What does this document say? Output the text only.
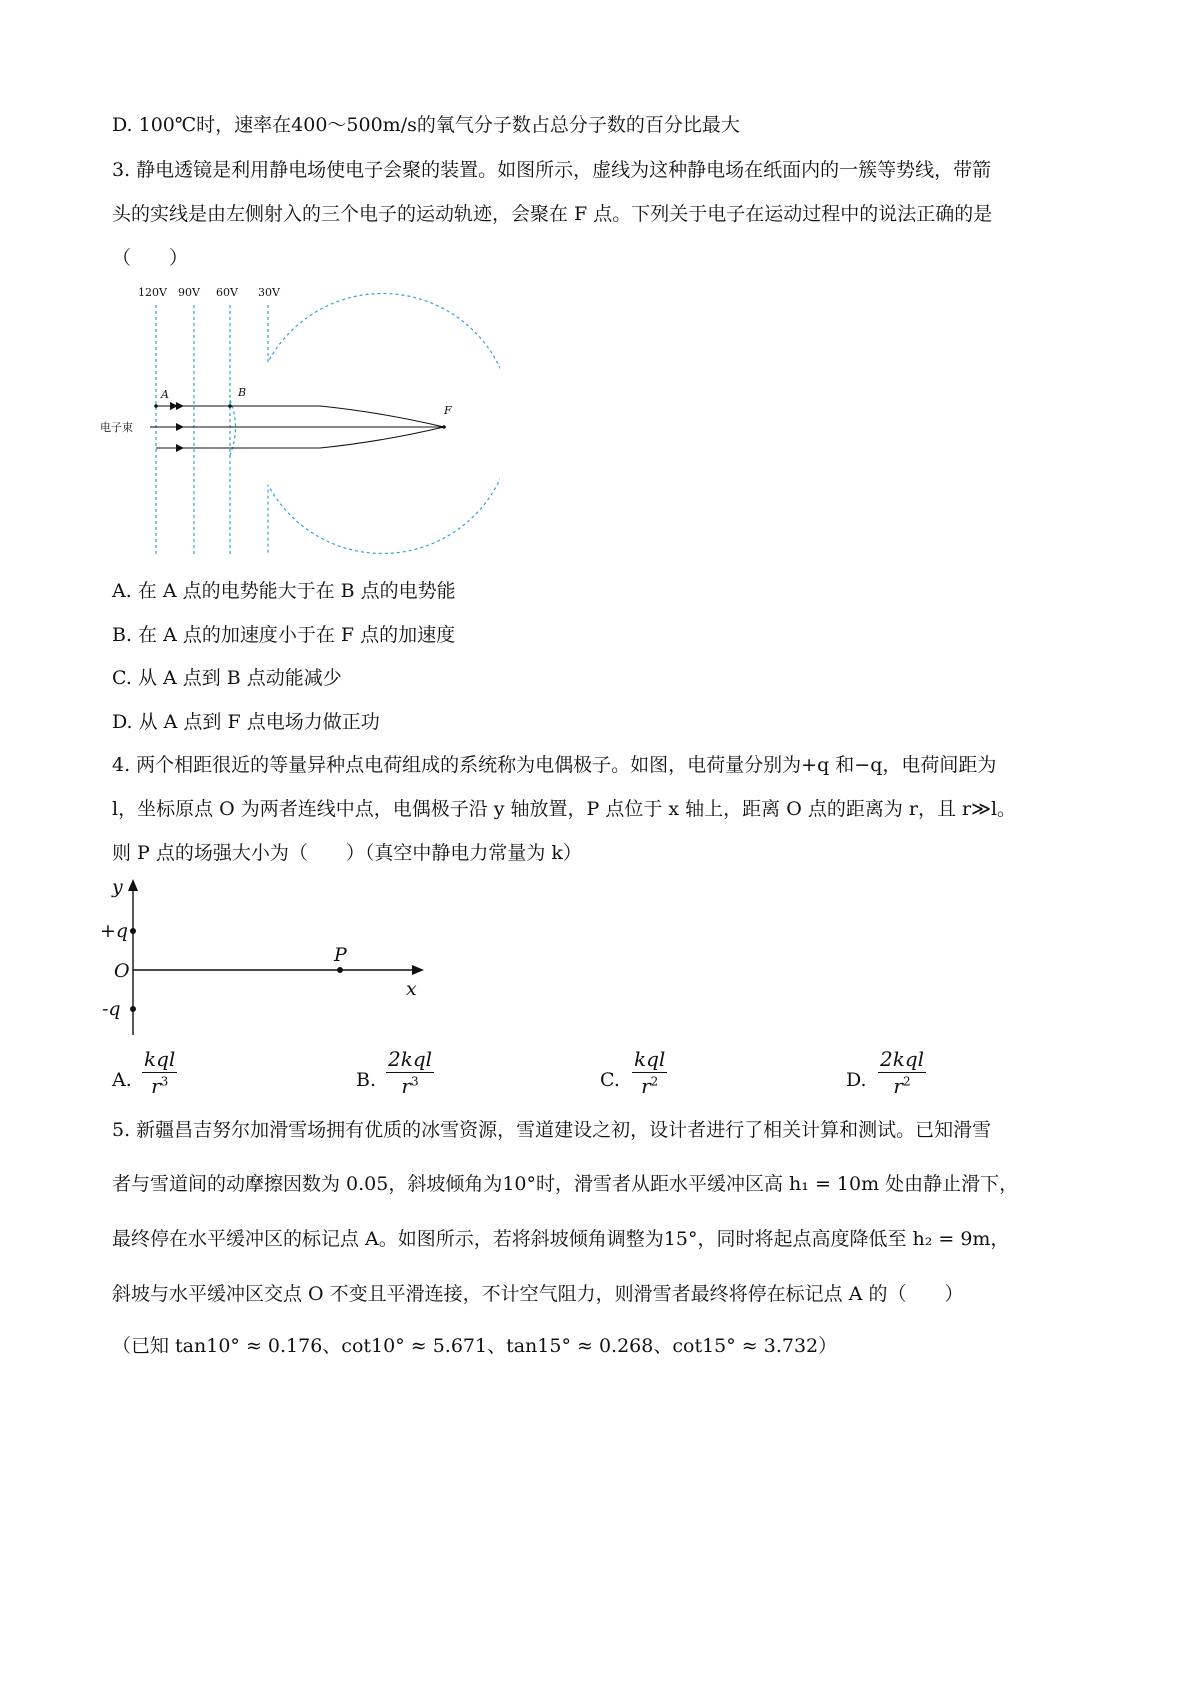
D. 100℃时，速率在400～500m/s的氧气分子数占总分子数的百分比最大
3. 静电透镜是利用静电场使电子会聚的装置。如图所示，虚线为这种静电场在纸面内的一簇等势线，带箭
头的实线是由左侧射入的三个电子的运动轨迹，会聚在 F 点。下列关于电子在运动过程中的说法正确的是
（　　）
120V 90V 60V 30V
A	B
F
电子束
A. 在 A 点的电势能大于在 B 点的电势能
B. 在 A 点的加速度小于在 F 点的加速度
C. 从 A 点到 B 点动能减少
D. 从 A 点到 F 点电场力做正功
4. 两个相距很近的等量异种点电荷组成的系统称为电偶极子。如图，电荷量分别为+q 和−q，电荷间距为
l，坐标原点 O 为两者连线中点，电偶极子沿 y 轴放置，P 点位于 x 轴上，距离 O 点的距离为 r，且 r≫l。
则 P 点的场强大小为（　　）（真空中静电力常量为 k）
y
+q
O
-q
P
x
A.
kql
$r^3$	B.
2kql
$r^3$	C.
kql
$r^2$	D.
2kql
$r^2$
5. 新疆昌吉努尔加滑雪场拥有优质的冰雪资源，雪道建设之初，设计者进行了相关计算和测试。已知滑雪
者与雪道间的动摩擦因数为 0.05，斜坡倾角为10°时，滑雪者从距水平缓冲区高 h₁ = 10m 处由静止滑下，
最终停在水平缓冲区的标记点 A。如图所示，若将斜坡倾角调整为15°，同时将起点高度降低至 h₂ = 9m，
斜坡与水平缓冲区交点 O 不变且平滑连接，不计空气阻力，则滑雪者最终将停在标记点 A 的（　　）
（已知 tan10° ≈ 0.176、cot10° ≈ 5.671、tan15° ≈ 0.268、cot15° ≈ 3.732）
